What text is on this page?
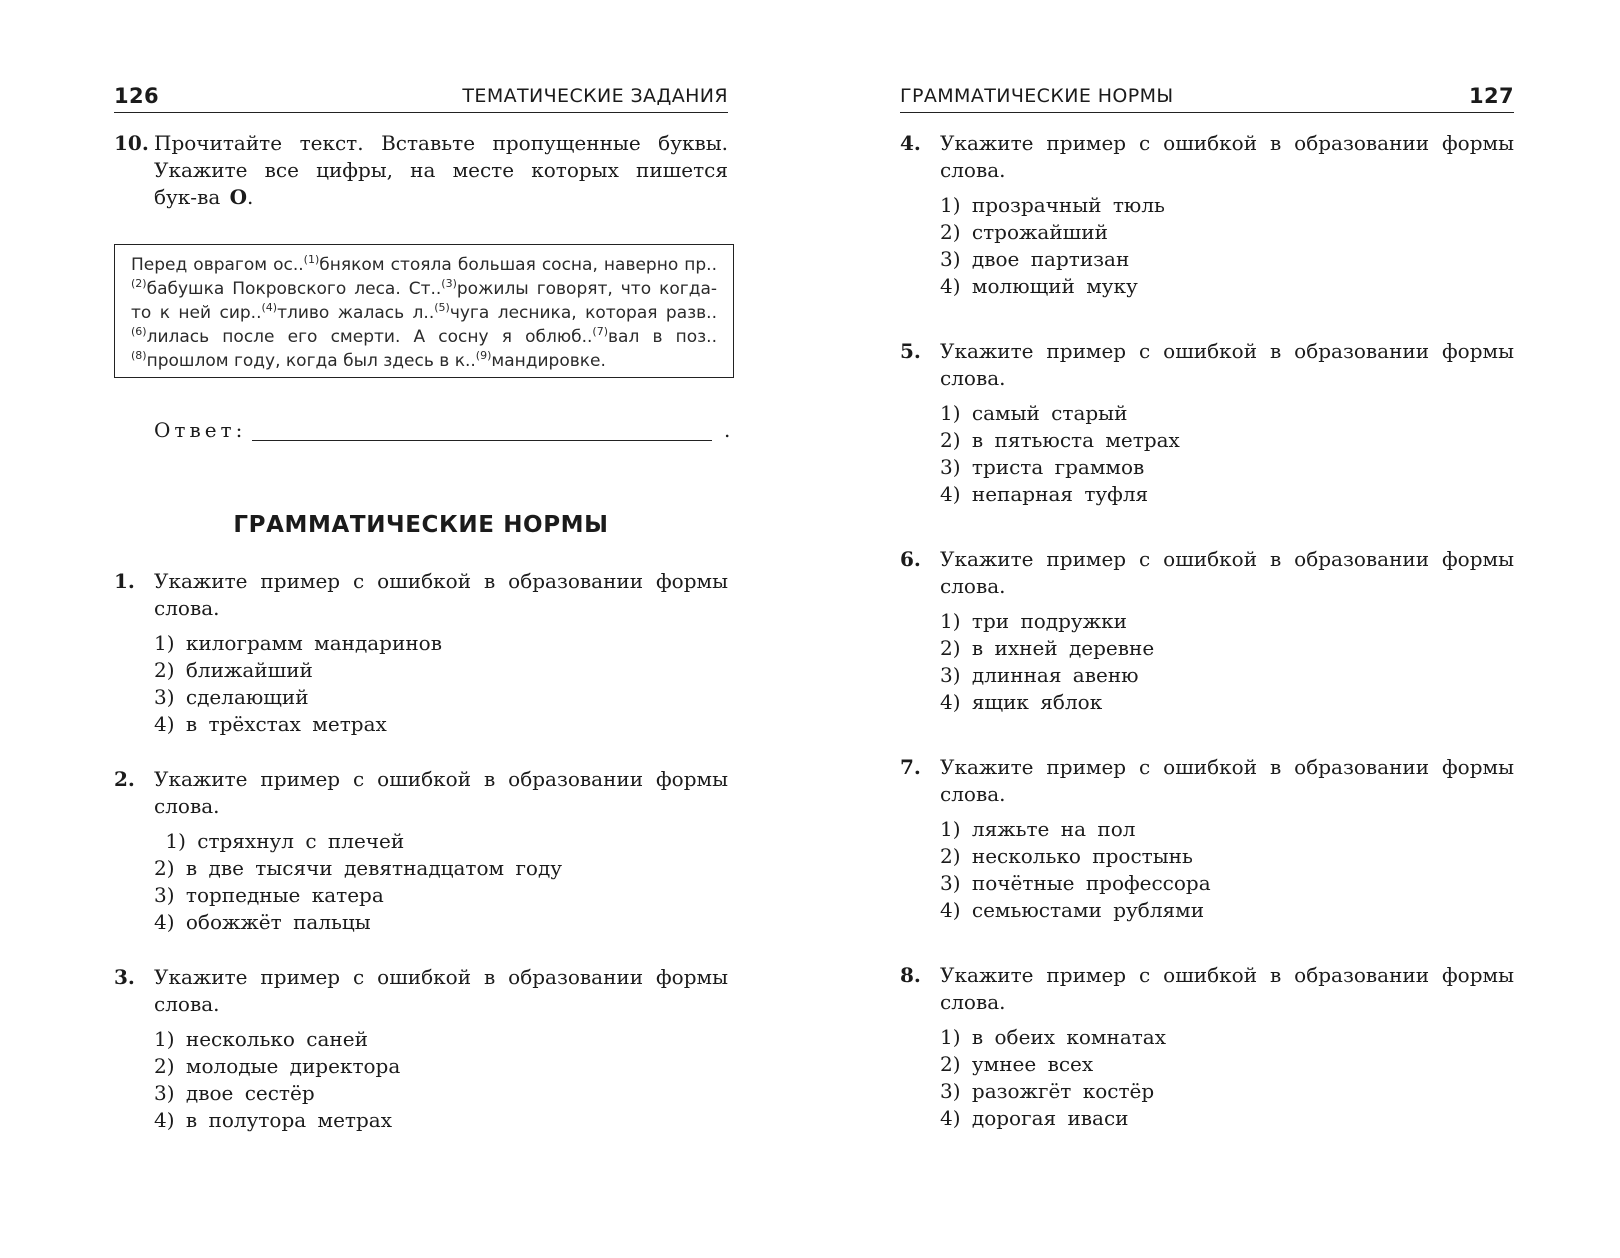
126	ТЕМАТИЧЕСКИЕ ЗАДАНИЯ
10. Прочитайте текст. Вставьте пропущенные буквы. Укажите все цифры, на месте которых пишется бук-ва О.
Перед оврагом ос..$^{(1)}$бняком стояла большая сосна, наверно пр..$^{(2)}$бабушка Покровского леса. Ст..$^{(3)}$рожилы говорят, что когда-то к ней сир..$^{(4)}$тливо жалась л..$^{(5)}$чуга лесника, которая разв..$^{(6)}$лилась после его смерти. А сосну я облюб..$^{(7)}$вал в поз..$^{(8)}$прошлом году, когда был здесь в к..$^{(9)}$мандировке.
Ответ:	.
ГРАММАТИЧЕСКИЕ НОРМЫ
1. Укажите пример с ошибкой в образовании формы слова.
1) килограмм мандаринов
2) ближайший
3) сделающий
4) в трёхстах метрах
2. Укажите пример с ошибкой в образовании формы слова.
1) стряхнул с плечей
2) в две тысячи девятнадцатом году
3) торпедные катера
4) обожжёт пальцы
3. Укажите пример с ошибкой в образовании формы слова.
1) несколько саней
2) молодые директора
3) двое сестёр
4) в полутора метрах
ГРАММАТИЧЕСКИЕ НОРМЫ	127
4. Укажите пример с ошибкой в образовании формы слова.
1) прозрачный тюль
2) строжайший
3) двое партизан
4) молющий муку
5. Укажите пример с ошибкой в образовании формы слова.
1) самый старый
2) в пятьюста метрах
3) триста граммов
4) непарная туфля
6. Укажите пример с ошибкой в образовании формы слова.
1) три подружки
2) в ихней деревне
3) длинная авеню
4) ящик яблок
7. Укажите пример с ошибкой в образовании формы слова.
1) ляжьте на пол
2) несколько простынь
3) почётные профессора
4) семьюстами рублями
8. Укажите пример с ошибкой в образовании формы слова.
1) в обеих комнатах
2) умнее всех
3) разожгёт костёр
4) дорогая иваси
